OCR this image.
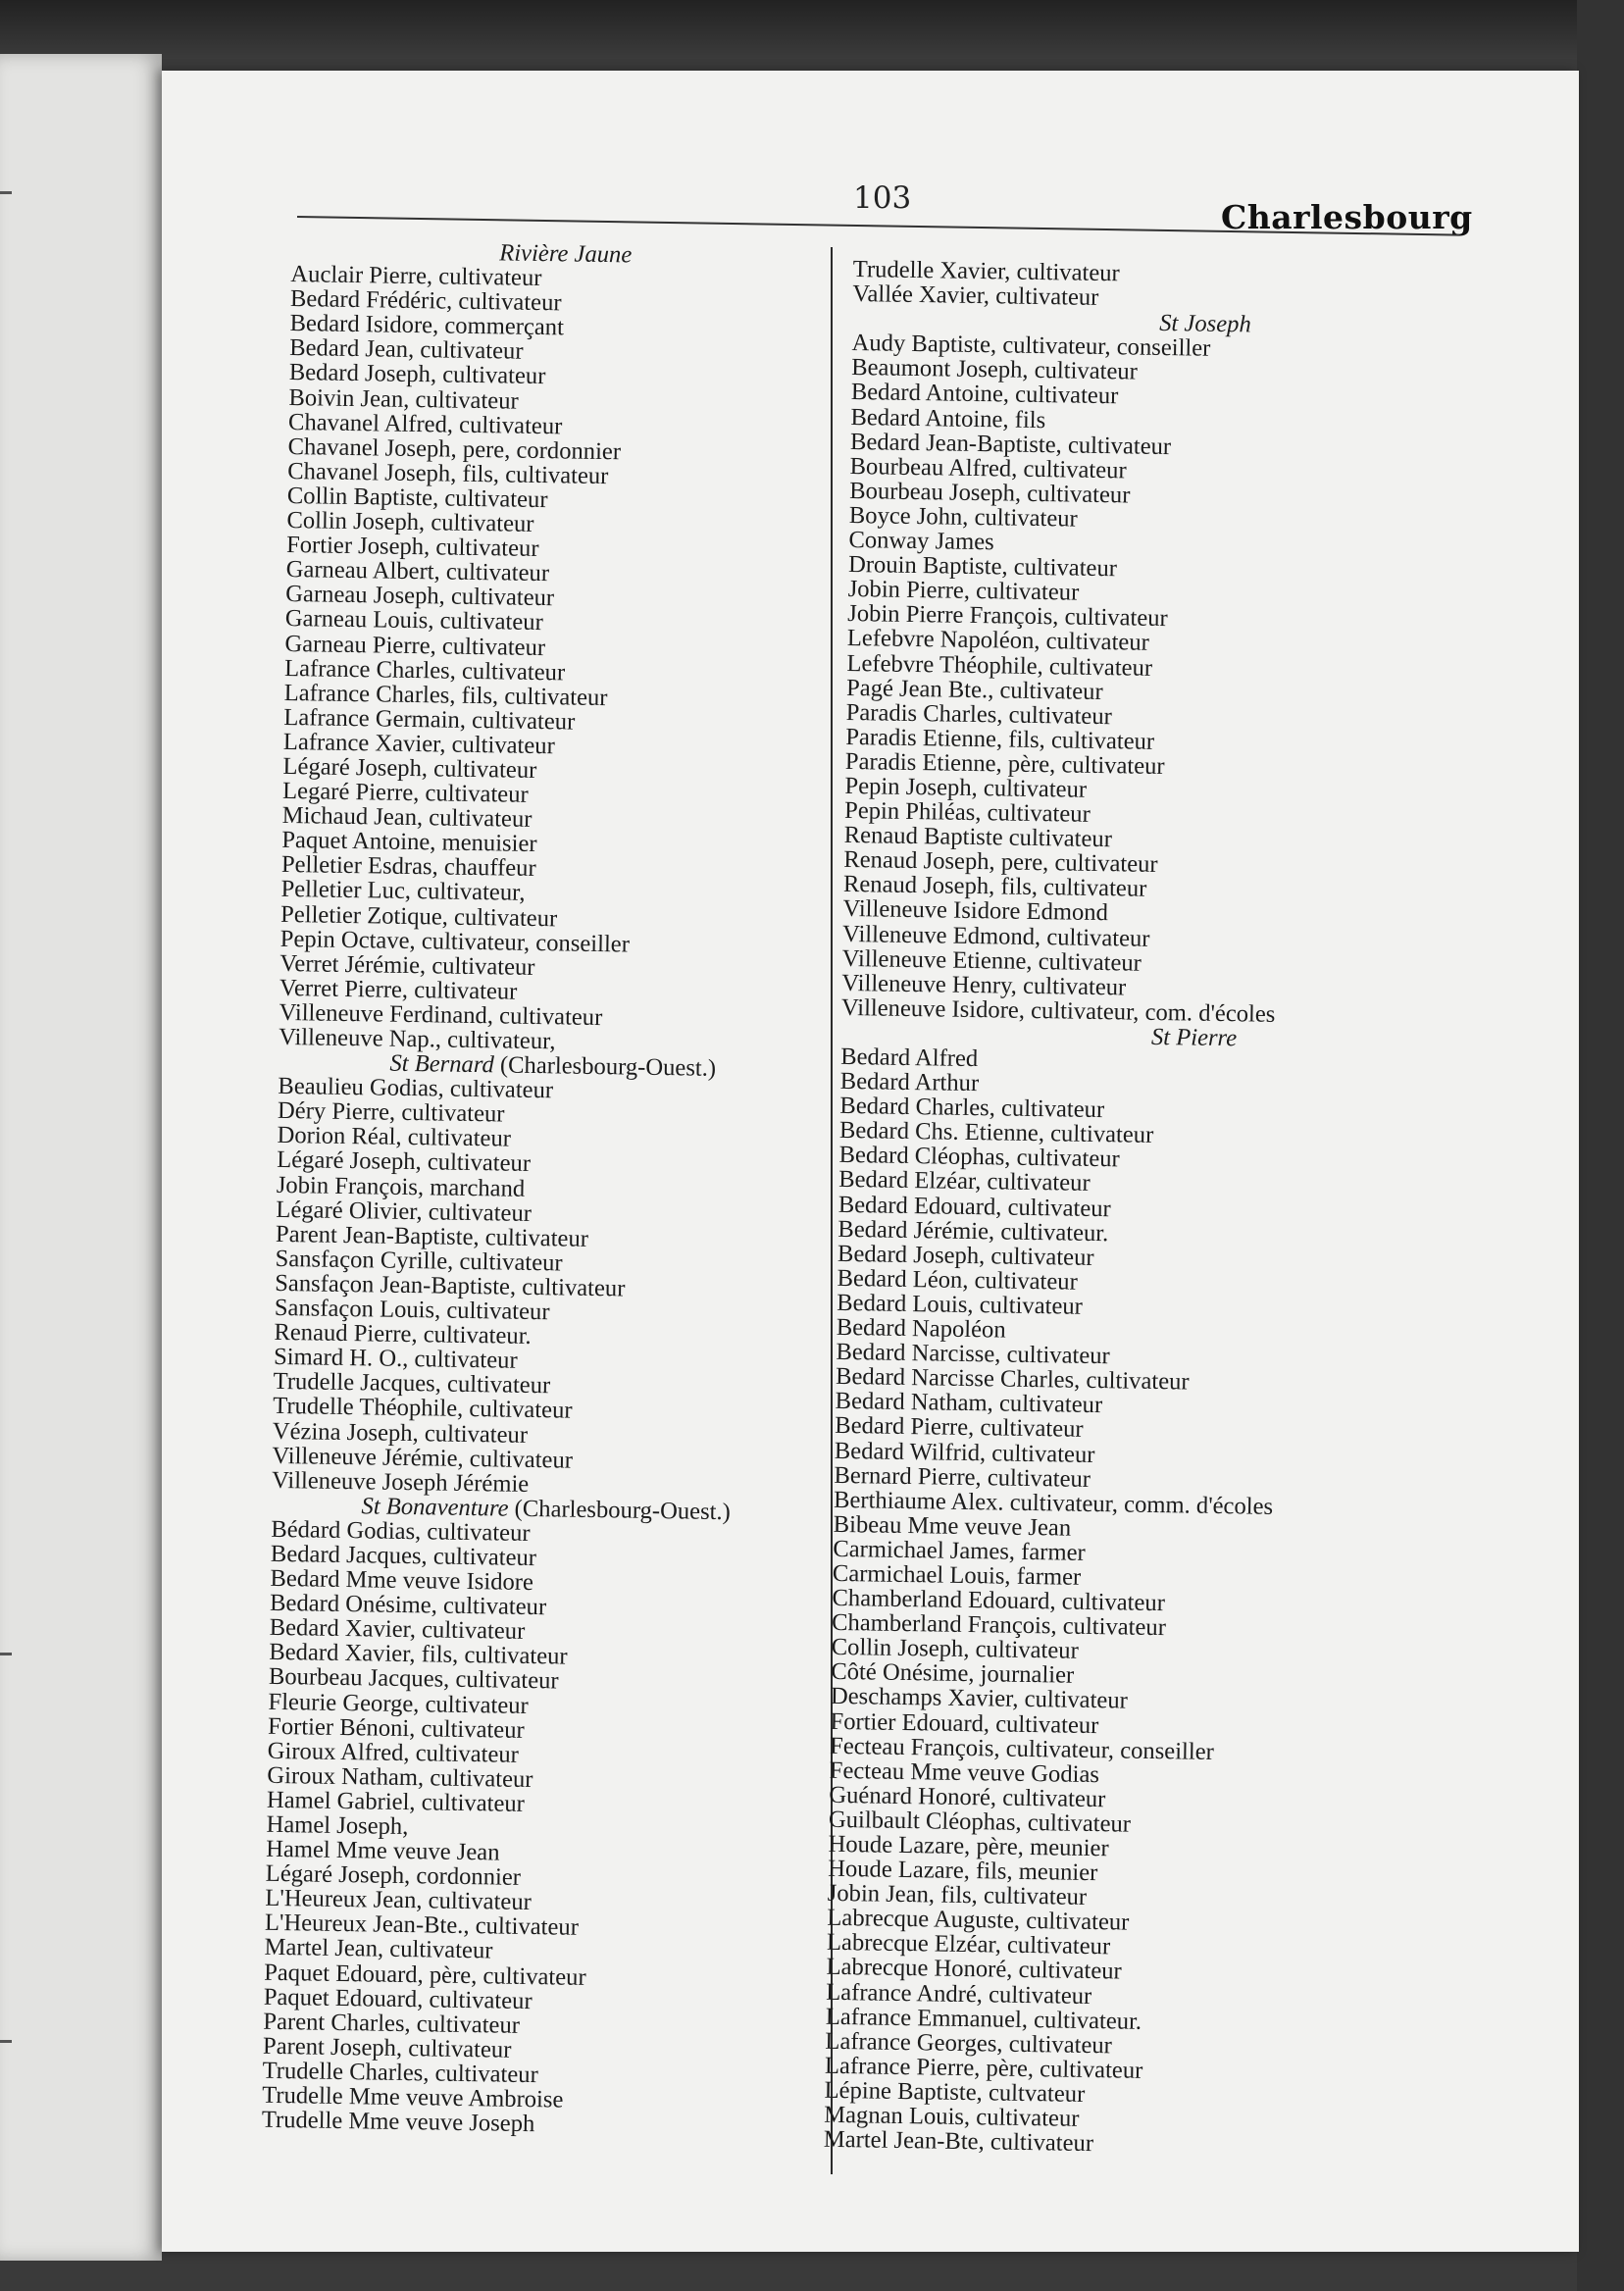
103	Charlesbourg
Rivière Jaune
Auclair Pierre, cultivateur
Bedard Frédéric, cultivateur
Bedard Isidore, commerçant
Bedard Jean, cultivateur
Bedard Joseph, cultivateur
Boivin Jean, cultivateur
Chavanel Alfred, cultivateur
Chavanel Joseph, pere, cordonnier
Chavanel Joseph, fils, cultivateur
Collin Baptiste, cultivateur
Collin Joseph, cultivateur
Fortier Joseph, cultivateur
Garneau Albert, cultivateur
Garneau Joseph, cultivateur
Garneau Louis, cultivateur
Garneau Pierre, cultivateur
Lafrance Charles, cultivateur
Lafrance Charles, fils, cultivateur
Lafrance Germain, cultivateur
Lafrance Xavier, cultivateur
Légaré Joseph, cultivateur
Legaré Pierre, cultivateur
Michaud Jean, cultivateur
Paquet Antoine, menuisier
Pelletier Esdras, chauffeur
Pelletier Luc, cultivateur,
Pelletier Zotique, cultivateur
Pepin Octave, cultivateur, conseiller
Verret Jérémie, cultivateur
Verret Pierre, cultivateur
Villeneuve Ferdinand, cultivateur
Villeneuve Nap., cultivateur,
St Bernard (Charlesbourg-Ouest.)
Beaulieu Godias, cultivateur
Déry Pierre, cultivateur
Dorion Réal, cultivateur
Légaré Joseph, cultivateur
Jobin François, marchand
Légaré Olivier, cultivateur
Parent Jean-Baptiste, cultivateur
Sansfaçon Cyrille, cultivateur
Sansfaçon Jean-Baptiste, cultivateur
Sansfaçon Louis, cultivateur
Renaud Pierre, cultivateur.
Simard H. O., cultivateur
Trudelle Jacques, cultivateur
Trudelle Théophile, cultivateur
Vézina Joseph, cultivateur
Villeneuve Jérémie, cultivateur
Villeneuve Joseph Jérémie
St Bonaventure (Charlesbourg-Ouest.)
Bédard Godias, cultivateur
Bedard Jacques, cultivateur
Bedard Mme veuve Isidore
Bedard Onésime, cultivateur
Bedard Xavier, cultivateur
Bedard Xavier, fils, cultivateur
Bourbeau Jacques, cultivateur
Fleurie George, cultivateur
Fortier Bénoni, cultivateur
Giroux Alfred, cultivateur
Giroux Natham, cultivateur
Hamel Gabriel, cultivateur
Hamel Joseph,
Hamel Mme veuve Jean
Légaré Joseph, cordonnier
L'Heureux Jean, cultivateur
L'Heureux Jean-Bte., cultivateur
Martel Jean, cultivateur
Paquet Edouard, père, cultivateur
Paquet Edouard, cultivateur
Parent Charles, cultivateur
Parent Joseph, cultivateur
Trudelle Charles, cultivateur
Trudelle Mme veuve Ambroise
Trudelle Mme veuve Joseph
Trudelle Xavier, cultivateur
Vallée Xavier, cultivateur
St Joseph
Audy Baptiste, cultivateur, conseiller
Beaumont Joseph, cultivateur
Bedard Antoine, cultivateur
Bedard Antoine, fils
Bedard Jean-Baptiste, cultivateur
Bourbeau Alfred, cultivateur
Bourbeau Joseph, cultivateur
Boyce John, cultivateur
Conway James
Drouin Baptiste, cultivateur
Jobin Pierre, cultivateur
Jobin Pierre François, cultivateur
Lefebvre Napoléon, cultivateur
Lefebvre Théophile, cultivateur
Pagé Jean Bte., cultivateur
Paradis Charles, cultivateur
Paradis Etienne, fils, cultivateur
Paradis Etienne, père, cultivateur
Pepin Joseph, cultivateur
Pepin Philéas, cultivateur
Renaud Baptiste cultivateur
Renaud Joseph, pere, cultivateur
Renaud Joseph, fils, cultivateur
Villeneuve Isidore Edmond
Villeneuve Edmond, cultivateur
Villeneuve Etienne, cultivateur
Villeneuve Henry, cultivateur
Villeneuve Isidore, cultivateur, com. d'écoles
St Pierre
Bedard Alfred
Bedard Arthur
Bedard Charles, cultivateur
Bedard Chs. Etienne, cultivateur
Bedard Cléophas, cultivateur
Bedard Elzéar, cultivateur
Bedard Edouard, cultivateur
Bedard Jérémie, cultivateur.
Bedard Joseph, cultivateur
Bedard Léon, cultivateur
Bedard Louis, cultivateur
Bedard Napoléon
Bedard Narcisse, cultivateur
Bedard Narcisse Charles, cultivateur
Bedard Natham, cultivateur
Bedard Pierre, cultivateur
Bedard Wilfrid, cultivateur
Bernard Pierre, cultivateur
Berthiaume Alex. cultivateur, comm. d'écoles
Bibeau Mme veuve Jean
Carmichael James, farmer
Carmichael Louis, farmer
Chamberland Edouard, cultivateur
Chamberland François, cultivateur
Collin Joseph, cultivateur
Côté Onésime, journalier
Deschamps Xavier, cultivateur
Fortier Edouard, cultivateur
Fecteau François, cultivateur, conseiller
Fecteau Mme veuve Godias
Guénard Honoré, cultivateur
Guilbault Cléophas, cultivateur
Houde Lazare, père, meunier
Houde Lazare, fils, meunier
Jobin Jean, fils, cultivateur
Labrecque Auguste, cultivateur
Labrecque Elzéar, cultivateur
Labrecque Honoré, cultivateur
Lafrance André, cultivateur
Lafrance Emmanuel, cultivateur.
Lafrance Georges, cultivateur
Lafrance Pierre, père, cultivateur
Lépine Baptiste, cultvateur
Magnan Louis, cultivateur
Martel Jean-Bte, cultivateur
